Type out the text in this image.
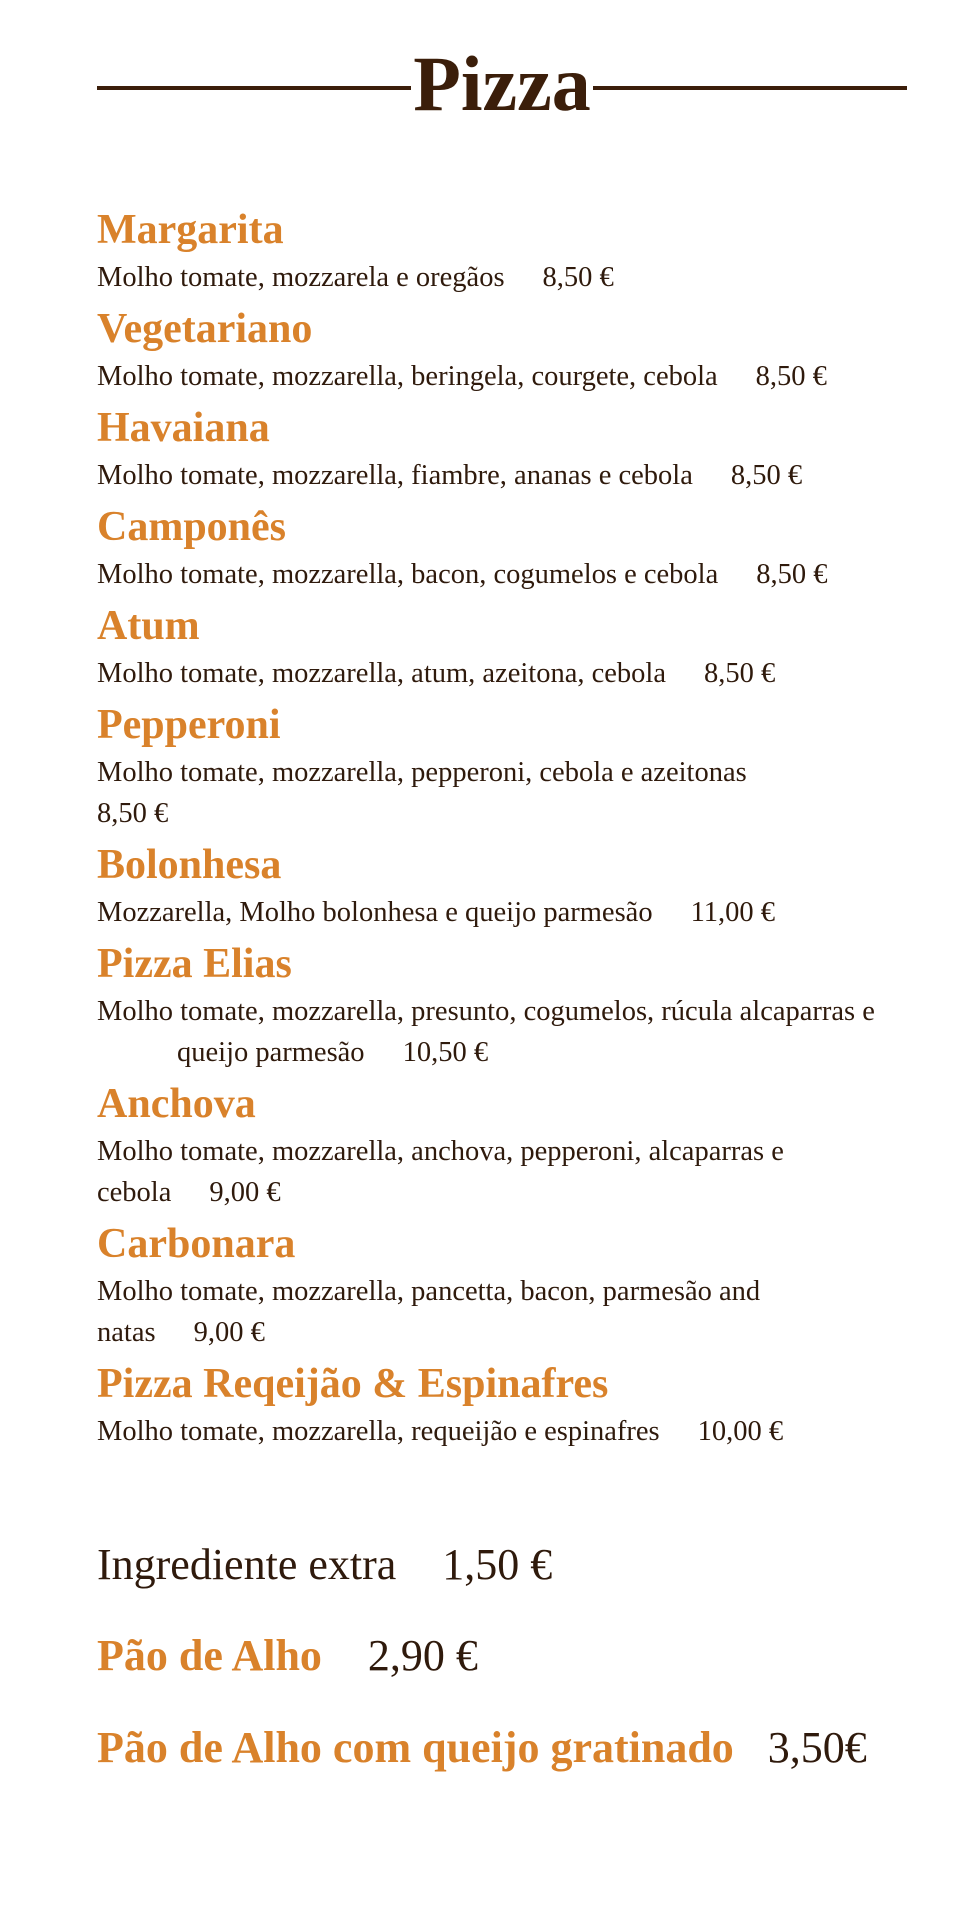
Pizza
Margarita
Molho tomate, mozzarela e oregãos 8,50 €
Vegetariano
Molho tomate, mozzarella, beringela, courgete, cebola 8,50 €
Havaiana
Molho tomate, mozzarella, fiambre, ananas e cebola 8,50 €
Camponês
Molho tomate, mozzarella, bacon, cogumelos e cebola 8,50 €
Atum
Molho tomate, mozzarella, atum, azeitona, cebola 8,50 €
Pepperoni
Molho tomate, mozzarella, pepperoni, cebola e azeitonas
8,50 €
Bolonhesa
Mozzarella, Molho bolonhesa e queijo parmesão 11,00 €
Pizza Elias
Molho tomate, mozzarella, presunto, cogumelos, rúcula alcaparras e queijo parmesão 10,50 €
Anchova
Molho tomate, mozzarella, anchova, pepperoni, alcaparras e cebola 9,00 €
Carbonara
Molho tomate, mozzarella, pancetta, bacon, parmesão and natas 9,00 €
Pizza Reqeijão & Espinafres
Molho tomate, mozzarella, requeijão e espinafres 10,00 €
Ingrediente extra 1,50 €
Pão de Alho 2,90 €
Pão de Alho com queijo gratinado 3,50€
